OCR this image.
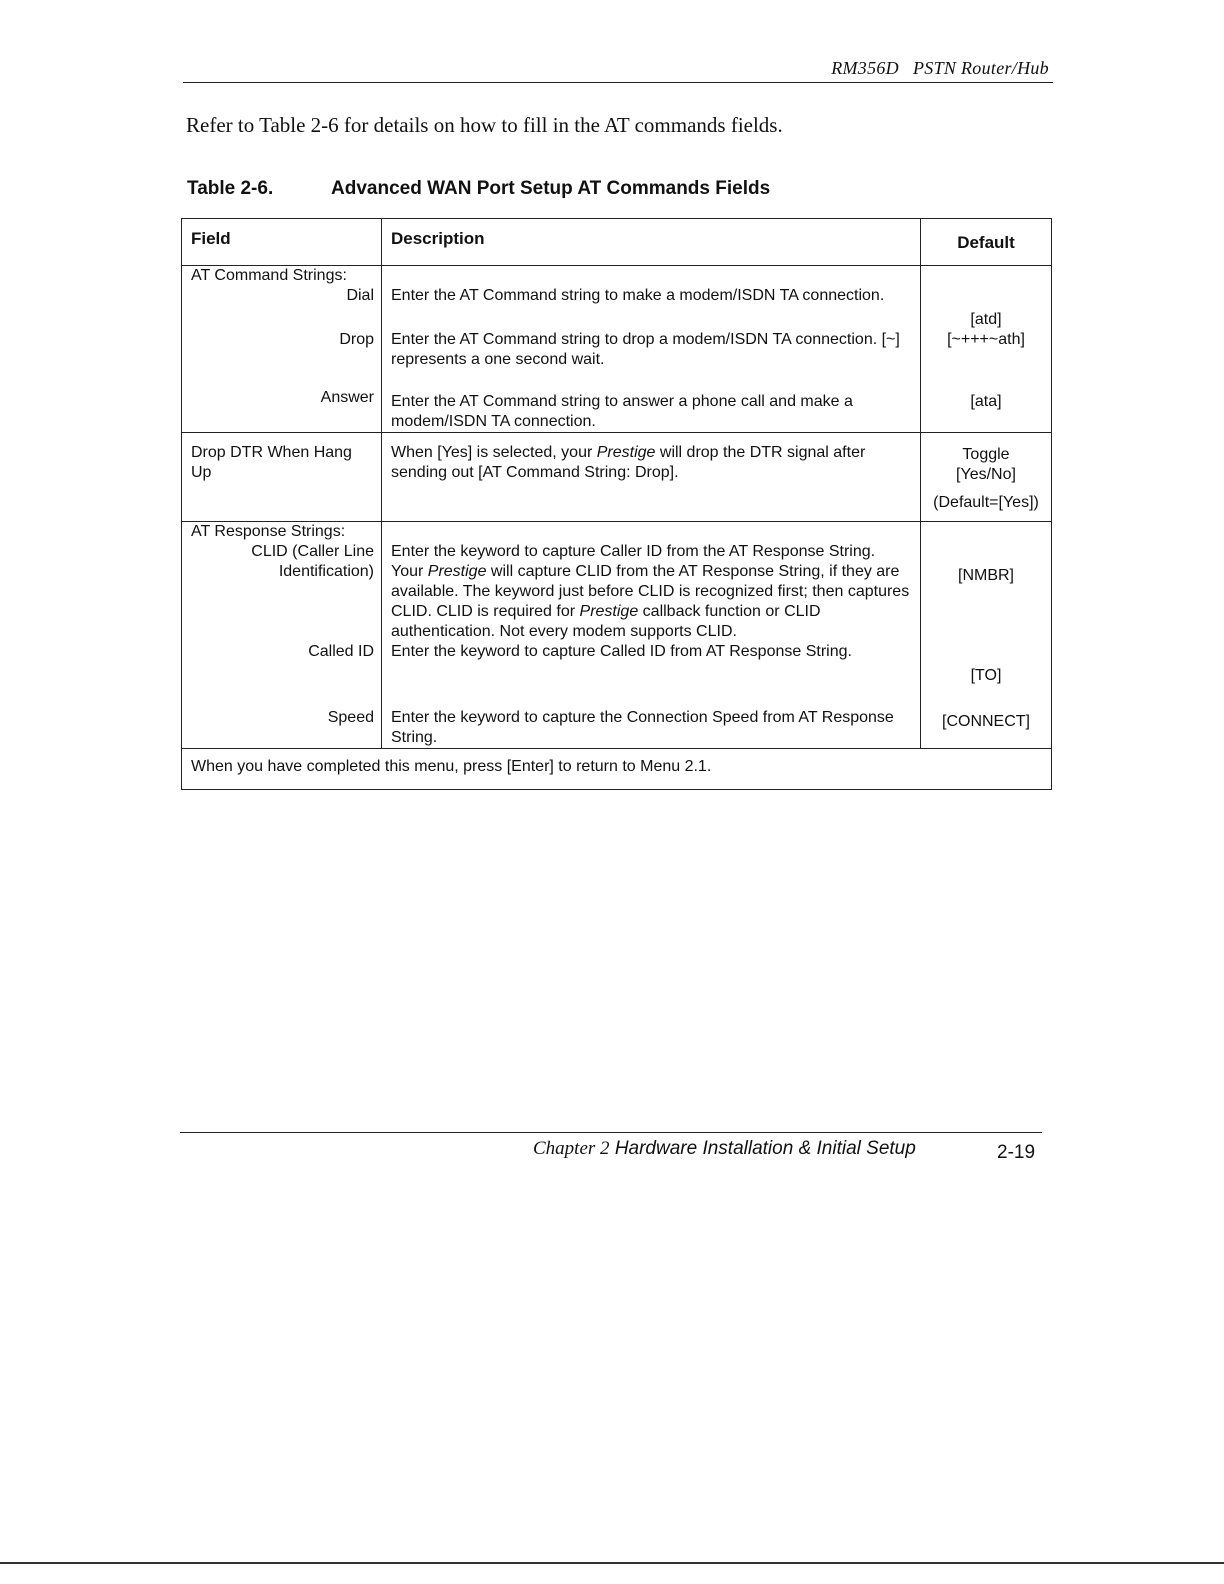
RM356D PSTN Router/Hub
Refer to Table 2-6 for details on how to fill in the AT commands fields.
Table 2-6.	Advanced WAN Port Setup AT Commands Fields
Field	Description	Default
AT Command Strings:		
Dial	Enter the AT Command string to make a modem/ISDN TA connection.	[atd]
Drop	Enter the AT Command string to drop a modem/ISDN TA connection. [~] represents a one second wait.	[~+++~ath]
Answer	Enter the AT Command string to answer a phone call and make a modem/ISDN TA connection.	[ata]
Drop DTR When Hang Up	When [Yes] is selected, your Prestige will drop the DTR signal after sending out [AT Command String: Drop].	Toggle
[Yes/No]
(Default=[Yes])

AT Response Strings:		

CLID (Caller Line
Identification)	Enter the keyword to capture Caller ID from the AT Response String. Your Prestige will capture CLID from the AT Response String, if they are available. The keyword just before CLID is recognized first; then captures CLID. CLID is required for Prestige callback function or CLID authentication. Not every modem supports CLID.	[NMBR]
Called ID	Enter the keyword to capture Called ID from AT Response String.	[TO]
Speed	Enter the keyword to capture the Connection Speed from AT Response String.	[CONNECT]
When you have completed this menu, press [Enter] to return to Menu 2.1.		
Chapter 2 Hardware Installation & Initial Setup	2-19
